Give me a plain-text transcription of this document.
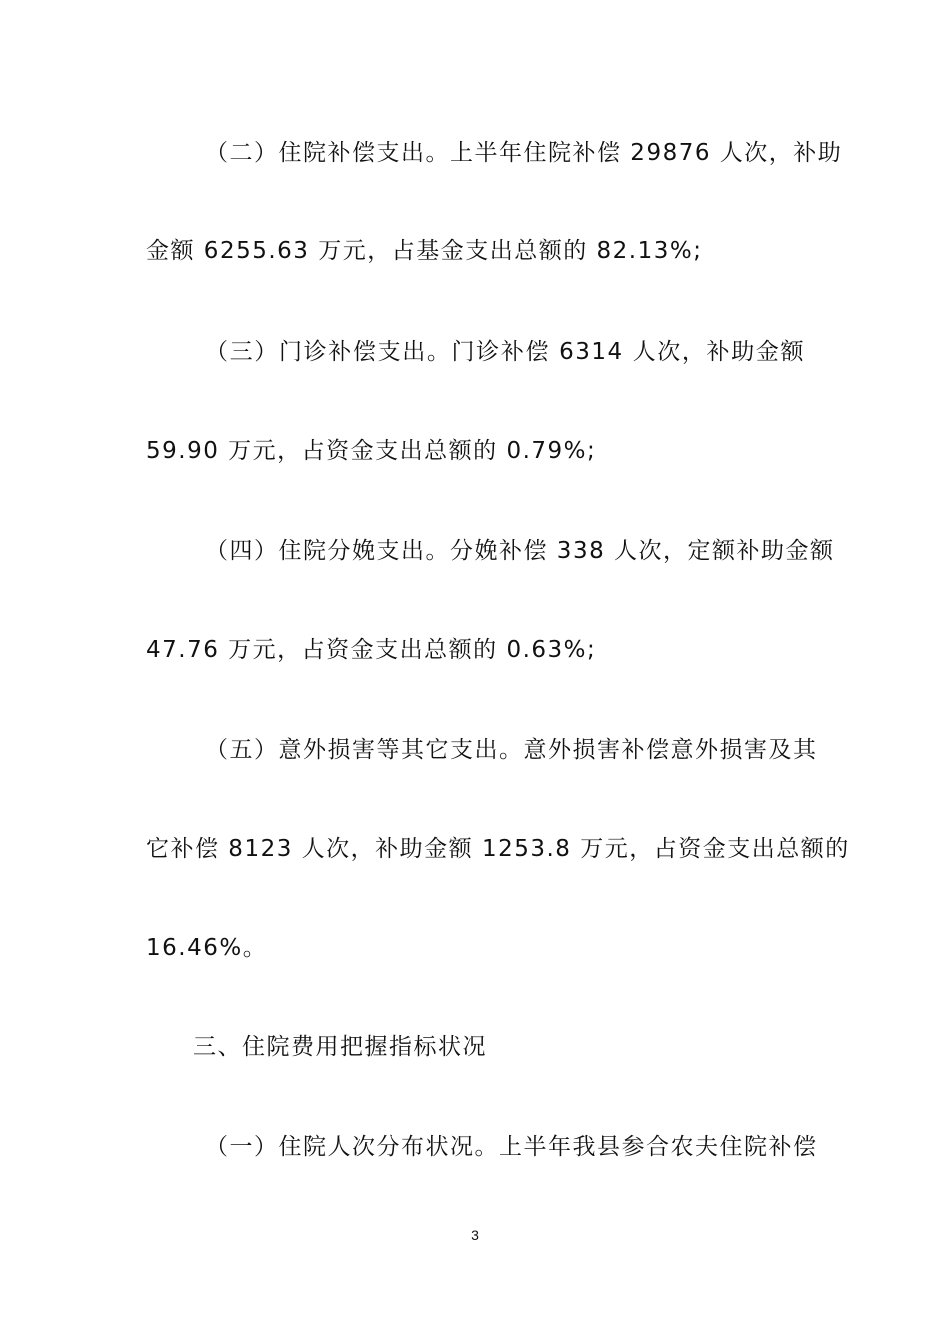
（二）住院补偿支出。上半年住院补偿 29876 人次，补助
金额 6255.63 万元，占基金支出总额的 82.13%;
（三）门诊补偿支出。门诊补偿 6314 人次，补助金额
59.90 万元，占资金支出总额的 0.79%;
（四）住院分娩支出。分娩补偿 338 人次，定额补助金额
47.76 万元，占资金支出总额的 0.63%;
（五）意外损害等其它支出。意外损害补偿意外损害及其
它补偿 8123 人次，补助金额 1253.8 万元，占资金支出总额的
16.46%。
三、住院费用把握指标状况
（一）住院人次分布状况。上半年我县参合农夫住院补偿
3
